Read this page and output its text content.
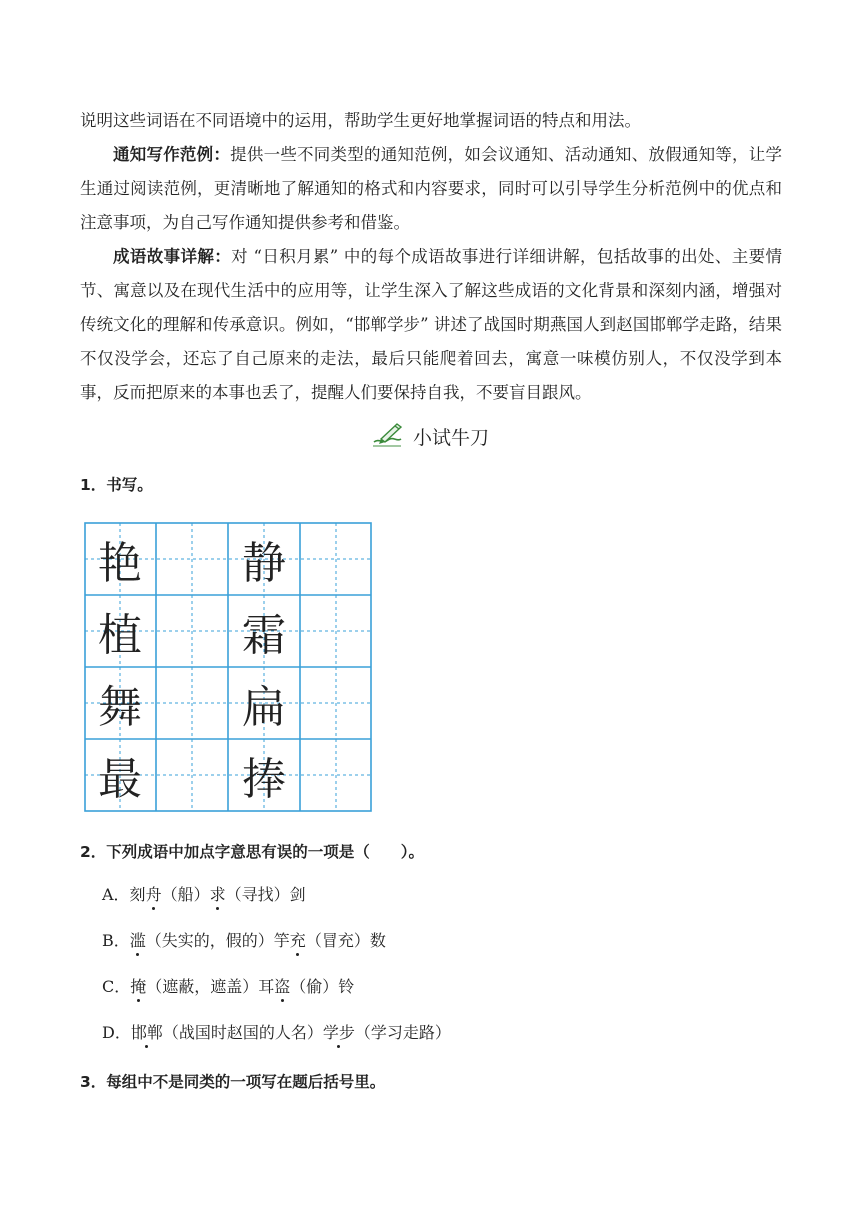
说明这些词语在不同语境中的运用，帮助学生更好地掌握词语的特点和用法。
通知写作范例：提供一些不同类型的通知范例，如会议通知、活动通知、放假通知等，让学生通过阅读范例，更清晰地了解通知的格式和内容要求，同时可以引导学生分析范例中的优点和注意事项，为自己写作通知提供参考和借鉴。
成语故事详解：对 “日积月累” 中的每个成语故事进行详细讲解，包括故事的出处、主要情节、寓意以及在现代生活中的应用等，让学生深入了解这些成语的文化背景和深刻内涵，增强对传统文化的理解和传承意识。例如，“邯郸学步” 讲述了战国时期燕国人到赵国邯郸学走路，结果不仅没学会，还忘了自己原来的走法，最后只能爬着回去，寓意一味模仿别人，不仅没学到本事，反而把原来的本事也丢了，提醒人们要保持自我，不要盲目跟风。
小试牛刀
1．书写。
艳
植
舞
最
静
霜
扁
捧
2．下列成语中加点字意思有误的一项是（　　）。
A．刻舟（船）求（寻找）剑
B．滥（失实的，假的）竽充（冒充）数
C．掩（遮蔽，遮盖）耳盗（偷）铃
D．邯郸（战国时赵国的人名）学步（学习走路）
3．每组中不是同类的一项写在题后括号里。
